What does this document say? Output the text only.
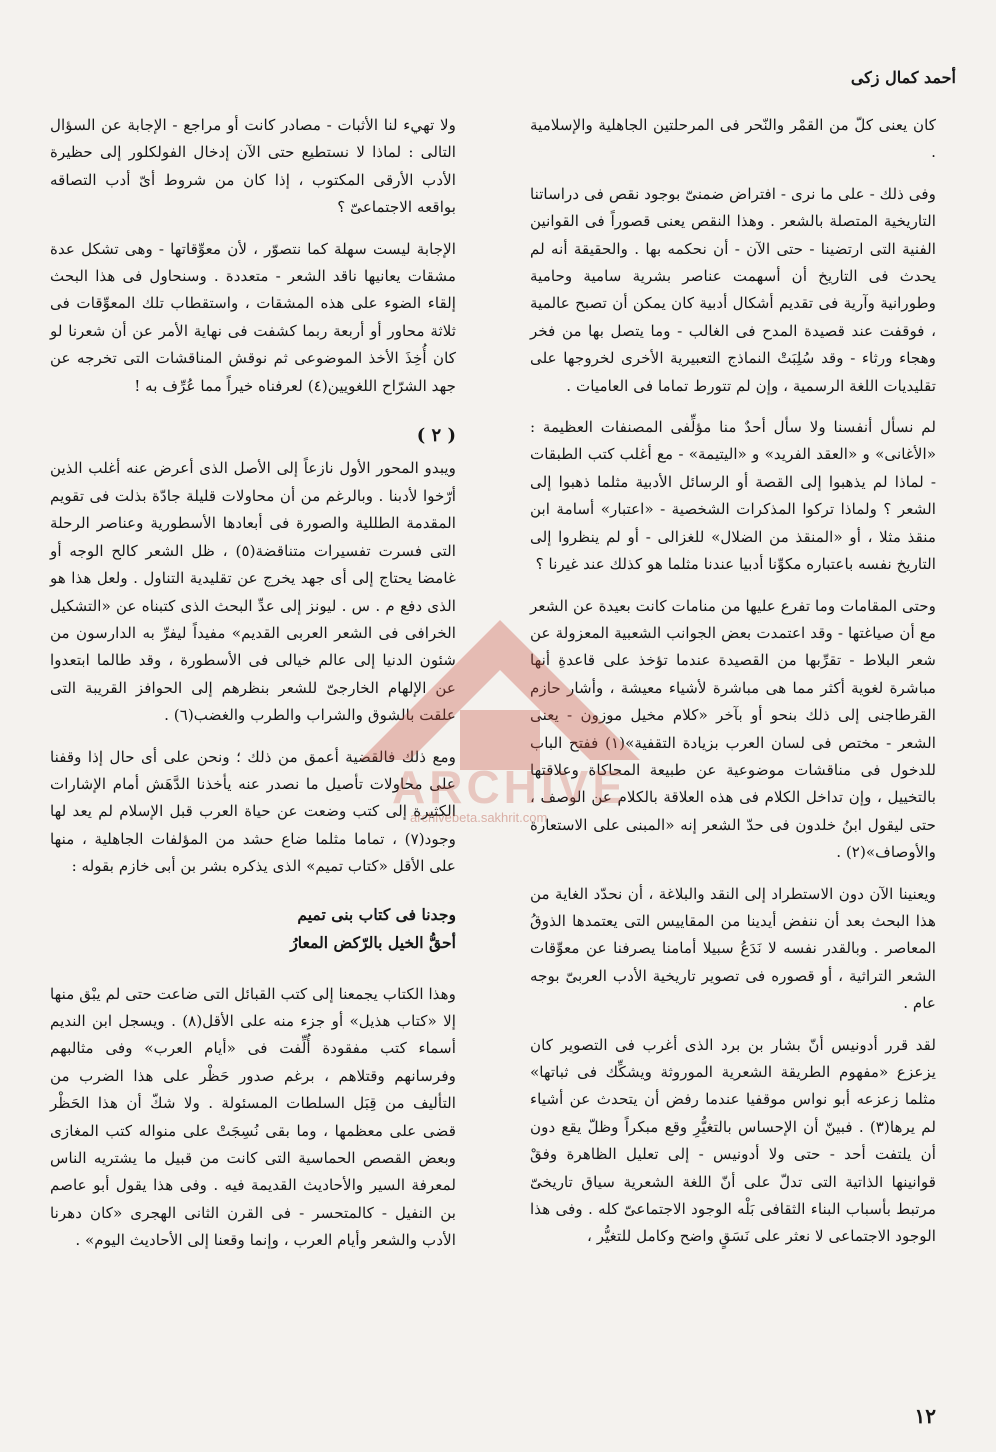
أحمد كمال زكى

كان يعنى كلّ من القمْر والنّحر فى المرحلتين الجاهلية والإسلامية .

وفى ذلك - على ما نرى - افتراض ضمنىّ بوجود نقص فى دراساتنا التاريخية المتصلة بالشعر . وهذا النقص يعنى قصوراً فى القوانين الفنية التى ارتضينا - حتى الآن - أن نحكمه بها . والحقيقة أنه لم يحدث فى التاريخ أن أسهمت عناصر بشرية سامية وحامية وطورانية وآرية فى تقديم أشكال أدبية كان يمكن أن تصبح عالمية ، فوقفت عند قصيدة المدح فى الغالب - وما يتصل بها من فخر وهجاء ورثاء - وقد سُلِبَتْ النماذج التعبيرية الأخرى لخروجها على تقليديات اللغة الرسمية ، وإن لم تتورط تماما فى العاميات .

لم نسأل أنفسنا ولا سأل أحدٌ منا مؤلِّفى المصنفات العظيمة : «الأغانى» و «العقد الفريد» و «اليتيمة» - مع أغلب كتب الطبقات - لماذا لم يذهبوا إلى القصة أو الرسائل الأدبية مثلما ذهبوا إلى الشعر ؟ ولماذا تركوا المذكرات الشخصية - «اعتبار» أسامة ابن منقذ مثلا ، أو «المنقذ من الضلال» للغزالى - أو لم ينظروا إلى التاريخ نفسه باعتباره مكوِّنا أدبيا عندنا مثلما هو كذلك عند غيرنا ؟

وحتى المقامات وما تفرع عليها من منامات كانت بعيدة عن الشعر مع أن صياغتها - وقد اعتمدت بعض الجوانب الشعبية المعزولة عن شعر البلاط - تقرِّبها من القصيدة عندما تؤخذ على قاعدةِ أنها مباشرة لغوية أكثر مما هى مباشرة لأشياء معيشة ، وأشار حازم القرطاجنى إلى ذلك بنحو أو بآخر «كلام مخيل موزون - يعنى الشعر - مختص فى لسان العرب بزيادة التقفية»(١) ففتح الباب للدخول فى مناقشات موضوعية عن طبيعة المحاكاة وعلاقتها بالتخييل ، وإن تداخل الكلام فى هذه العلاقة بالكلام عن الوصف ، حتى ليقول ابنُ خلدون فى حدّ الشعر إنه «المبنى على الاستعارة والأوصاف»(٢) .

ويعنينا الآن دون الاستطراد إلى النقد والبلاغة ، أن نحدّد الغاية من هذا البحث بعد أن ننفض أيدينا من المقاييس التى يعتمدها الذوقُ المعاصر . وبالقدر نفسه لا نَدَعُ سبيلا أمامنا يصرفنا عن معوِّقات الشعر التراثية ، أو قصوره فى تصوير تاريخية الأدب العربىّ بوجه عام .

لقد قرر أدونيس أنّ بشار بن برد الذى أغرب فى التصوير كان يزعزع «مفهوم الطريقة الشعرية الموروثة ويشكِّك فى ثباتها» مثلما زعزعه أبو نواس موقفيا عندما رفض أن يتحدث عن أشياء لم يرها(٣) . فبينّ أن الإحساس بالتغيُّرِ وقع مبكراً وظلّ يقع دون أن يلتفت أحد - حتى ولا أدونيس - إلى تعليل الظاهرة وفقْ قوانينها الذاتية التى تدلّ على أنّ اللغة الشعرية سياق تاريخىّ مرتبط بأسباب البناء الثقافى بَلْه الوجود الاجتماعىّ كله . وفى هذا الوجود الاجتماعى لا نعثر على نَسَقٍ واضح وكامل للتغيُّر ،

ولا تهيء لنا الأثبات - مصادر كانت أو مراجع - الإجابة عن السؤال التالى : لماذا لا نستطيع حتى الآن إدخال الفولكلور إلى حظيرة الأدب الأرقى المكتوب ، إذا كان من شروط أىّ أدب التصاقه بواقعه الاجتماعىّ ؟

الإجابة ليست سهلة كما نتصوّر ، لأن معوِّقاتها - وهى تشكل عدة مشقات يعانيها ناقد الشعر - متعددة . وسنحاول فى هذا البحث إلقاء الضوء على هذه المشقات ، واستقطاب تلك المعوِّقات فى ثلاثة محاور أو أربعة ربما كشفت فى نهاية الأمر عن أن شعرنا لو كان أُخِذَ الأخذ الموضوعى ثم نوقش المناقشات التى تخرجه عن جهد الشرّاح اللغويين(٤) لعرفناه خيراً مما عُرِّف به !

( ٢ )

ويبدو المحور الأول نازعاً إلى الأصل الذى أعرض عنه أغلب الذين أرّخوا لأدبنا . وبالرغم من أن محاولات قليلة جادّة بذلت فى تقويم المقدمة الطللية والصورة فى أبعادها الأسطورية وعناصر الرحلة التى فسرت تفسيرات متناقضة(٥) ، ظل الشعر كالح الوجه أو غامضا يحتاج إلى أى جهد يخرج عن تقليدية التناول . ولعل هذا هو الذى دفع م . س . ليونز إلى عدِّ البحث الذى كتبناه عن «التشكيل الخرافى فى الشعر العربى القديم» مفيداً ليفرِّ به الدارسون من شئون الدنيا إلى عالم خيالى فى الأسطورة ، وقد طالما ابتعدوا عن الإلهام الخارجىّ للشعر بنظرهم إلى الحوافز القريبة التى علقت بالشوق والشراب والطرب والغضب(٦) .

ومع ذلك فالقضية أعمق من ذلك ؛ ونحن على أى حال إذا وقفنا على محاولات تأصيل ما نصدر عنه يأخذنا الدَّهَش أمام الإشارات الكثيرة إلى كتب وضعت عن حياة العرب قبل الإسلام لم يعد لها وجود(٧) ، تماما مثلما ضاع حشد من المؤلفات الجاهلية ، منها على الأقل «كتاب تميم» الذى يذكره بشر بن أبى خازم بقوله :

وجدنا فى كتاب بنى تميم
أحقُّ الخيل بالرّكض المعارُ

وهذا الكتاب يجمعنا إلى كتب القبائل التى ضاعت حتى لم يبْق منها إلا «كتاب هذيل» أو جزء منه على الأقل(٨) . ويسجل ابن النديم أسماء كتب مفقودة أُلِّفت فى «أيام العرب» وفى مثالبهم وفرسانهم وقتلاهم ، برغم صدور حَظْر على هذا الضرب من التأليف من قِبَل السلطات المسئولة . ولا شكّ أن هذا الحَظْر قضى على معظمها ، وما بقى نُسِجَتْ على منواله كتب المغازى وبعض القصص الحماسية التى كانت من قبيل ما يشتريه الناس لمعرفة السير والأحاديث القديمة فيه . وفى هذا يقول أبو عاصم بن النفيل - كالمتحسر - فى القرن الثانى الهجرى «كان دهرنا الأدب والشعر وأيام العرب ، وإنما وقعنا إلى الأحاديث اليوم» .

١٢
ARCHIVE
archivebeta.sakhrit.com
